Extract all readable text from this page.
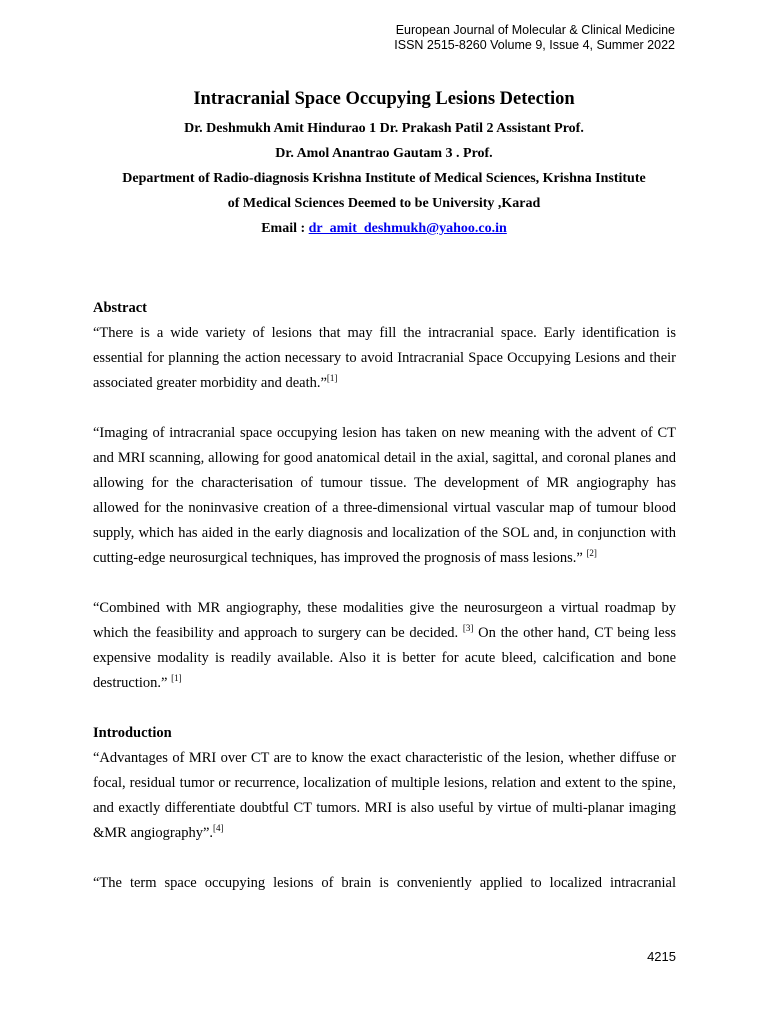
European Journal of Molecular & Clinical Medicine
ISSN 2515-8260 Volume 9, Issue 4, Summer 2022
Intracranial Space Occupying Lesions Detection
Dr. Deshmukh Amit Hindurao 1 Dr. Prakash Patil 2 Assistant Prof.
Dr. Amol Anantrao Gautam 3 . Prof.
Department of Radio-diagnosis Krishna Institute of Medical Sciences, Krishna Institute
of Medical Sciences Deemed to be University ,Karad
Email : dr_amit_deshmukh@yahoo.co.in
Abstract

“There is a wide variety of lesions that may fill the intracranial space. Early identification is essential for planning the action necessary to avoid Intracranial Space Occupying Lesions and their associated greater morbidity and death.”[1]

“Imaging of intracranial space occupying lesion has taken on new meaning with the advent of CT and MRI scanning, allowing for good anatomical detail in the axial, sagittal, and coronal planes and allowing for the characterisation of tumour tissue. The development of MR angiography has allowed for the noninvasive creation of a three-dimensional virtual vascular map of tumour blood supply, which has aided in the early diagnosis and localization of the SOL and, in conjunction with cutting-edge neurosurgical techniques, has improved the prognosis of mass lesions.” [2]

“Combined with MR angiography, these modalities give the neurosurgeon a virtual roadmap by which the feasibility and approach to surgery can be decided. [3] On the other hand, CT being less expensive modality is readily available. Also it is better for acute bleed, calcification and bone destruction.” [1]

Introduction

“Advantages of MRI over CT are to know the exact characteristic of the lesion, whether diffuse or focal, residual tumor or recurrence, localization of multiple lesions, relation and extent to the spine, and exactly differentiate doubtful CT tumors. MRI is also useful by virtue of multi-planar imaging &MR angiography”.[4]

“The term space occupying lesions of brain is conveniently applied to localized intracranial

4215
